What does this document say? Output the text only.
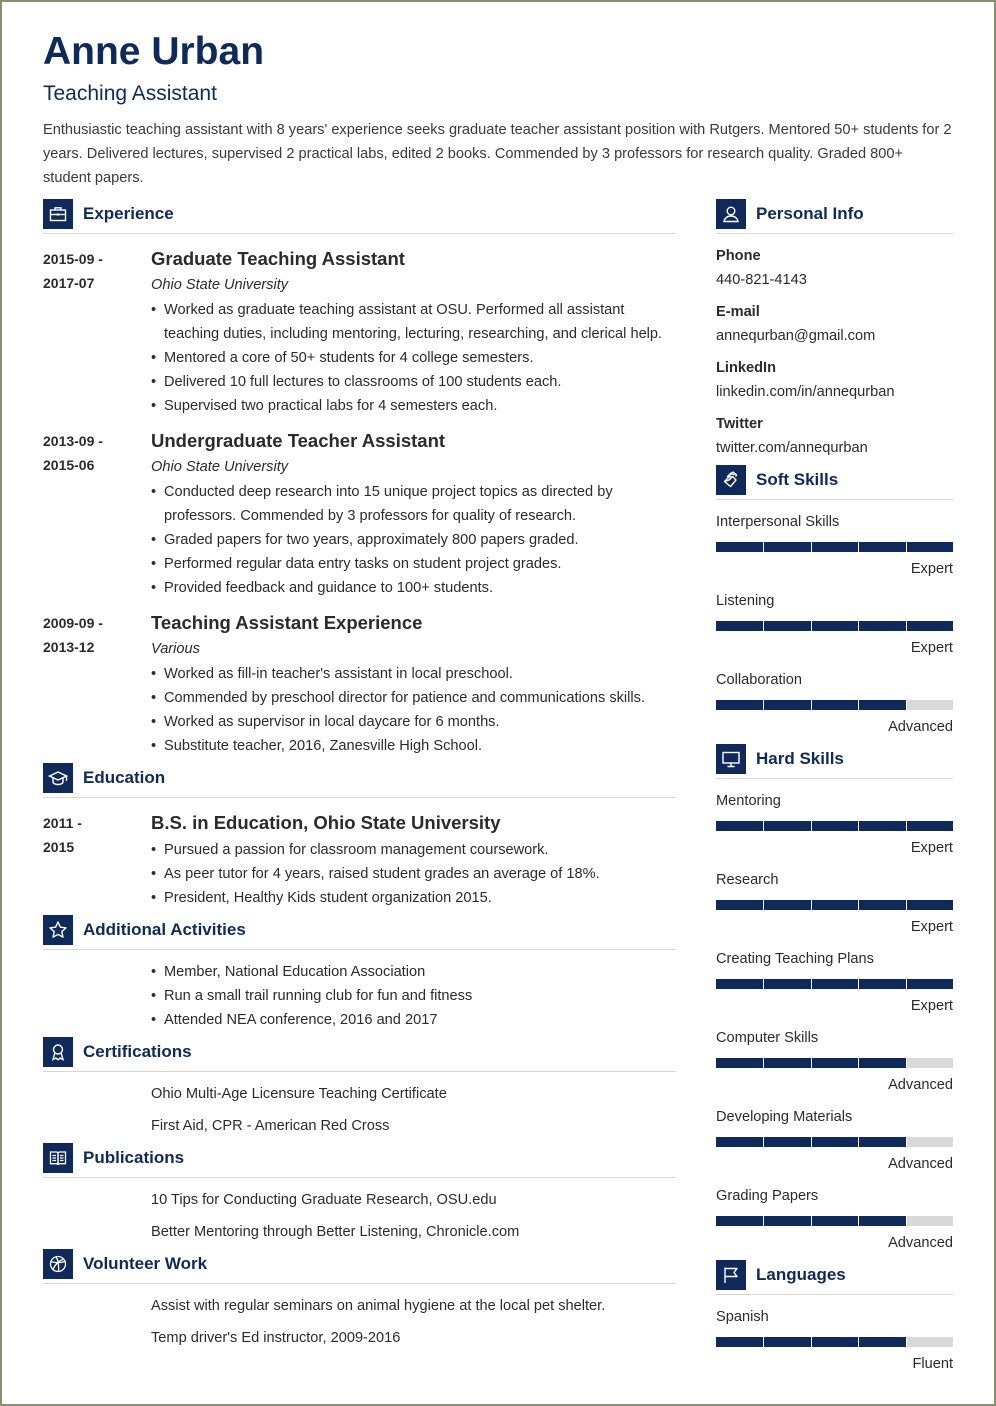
Anne Urban
Teaching Assistant
Enthusiastic teaching assistant with 8 years' experience seeks graduate teacher assistant position with Rutgers. Mentored 50+ students for 2 years. Delivered lectures, supervised 2 practical labs, edited 2 books. Commended by 3 professors for research quality. Graded 800+ student papers.
Experience
2015-09 -
2017-07
Graduate Teaching Assistant
Ohio State University
• Worked as graduate teaching assistant at OSU. Performed all assistant teaching duties, including mentoring, lecturing, researching, and clerical help.
• Mentored a core of 50+ students for 4 college semesters.
• Delivered 10 full lectures to classrooms of 100 students each.
• Supervised two practical labs for 4 semesters each.
2013-09 -
2015-06
Undergraduate Teacher Assistant
Ohio State University
• Conducted deep research into 15 unique project topics as directed by professors. Commended by 3 professors for quality of research.
• Graded papers for two years, approximately 800 papers graded.
• Performed regular data entry tasks on student project grades.
• Provided feedback and guidance to 100+ students.
2009-09 -
2013-12
Teaching Assistant Experience
Various
• Worked as fill-in teacher's assistant in local preschool.
• Commended by preschool director for patience and communications skills.
• Worked as supervisor in local daycare for 6 months.
• Substitute teacher, 2016, Zanesville High School.
Education
2011 -
2015
B.S. in Education, Ohio State University
• Pursued a passion for classroom management coursework.
• As peer tutor for 4 years, raised student grades an average of 18%.
• President, Healthy Kids student organization 2015.
Additional Activities
• Member, National Education Association
• Run a small trail running club for fun and fitness
• Attended NEA conference, 2016 and 2017
Certifications
Ohio Multi-Age Licensure Teaching Certificate
First Aid, CPR - American Red Cross
Publications
10 Tips for Conducting Graduate Research, OSU.edu
Better Mentoring through Better Listening, Chronicle.com
Volunteer Work
Assist with regular seminars on animal hygiene at the local pet shelter.
Temp driver's Ed instructor, 2009-2016
Personal Info
Phone
440-821-4143
E-mail
annequrban@gmail.com
LinkedIn
linkedin.com/in/annequrban
Twitter
twitter.com/annequrban
Soft Skills
Interpersonal Skills
Expert
Listening
Expert
Collaboration
Advanced
Hard Skills
Mentoring
Expert
Research
Expert
Creating Teaching Plans
Expert
Computer Skills
Advanced
Developing Materials
Advanced
Grading Papers
Advanced
Languages
Spanish
Fluent
